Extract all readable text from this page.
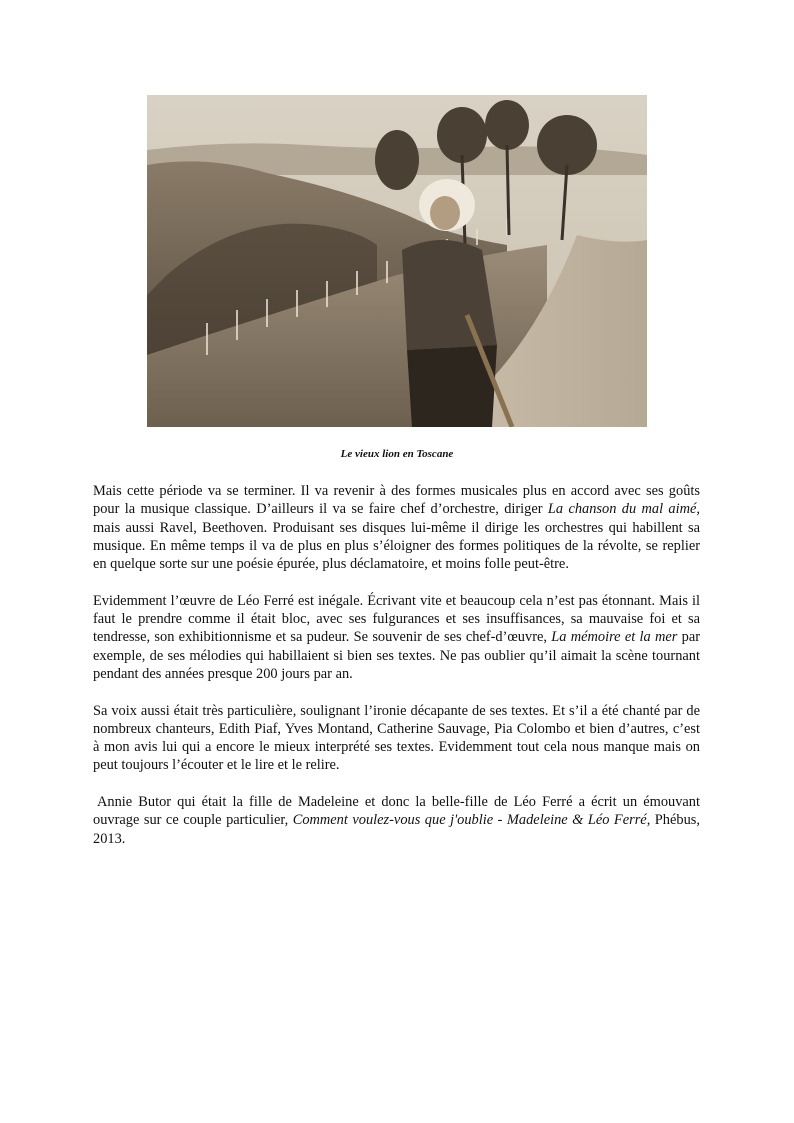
Le vieux lion en Toscane

Mais cette période va se terminer. Il va revenir à des formes musicales plus en accord avec ses goûts pour la musique classique. D’ailleurs il va se faire chef d’orchestre, diriger La chanson du mal aimé, mais aussi Ravel, Beethoven. Produisant ses disques lui-même il dirige les orchestres qui habillent sa musique. En même temps il va de plus en plus s’éloigner des formes politiques de la révolte, se replier en quelque sorte sur une poésie épurée, plus déclamatoire, et moins folle peut-être.

Evidemment l’œuvre de Léo Ferré est inégale. Écrivant vite et beaucoup cela n’est pas étonnant. Mais il faut le prendre comme il était bloc, avec ses fulgurances et ses insuffisances, sa mauvaise foi et sa tendresse, son exhibitionnisme et sa pudeur. Se souvenir de ses chef-d’œuvre, La mémoire et la mer par exemple, de ses mélodies qui habillaient si bien ses textes. Ne pas oublier qu’il aimait la scène tournant pendant des années presque 200 jours par an.

Sa voix aussi était très particulière, soulignant l’ironie décapante de ses textes. Et s’il a été chanté par de nombreux chanteurs, Edith Piaf, Yves Montand, Catherine Sauvage, Pia Colombo et bien d’autres, c’est à mon avis lui qui a encore le mieux interprété ses textes. Evidemment tout cela nous manque mais on peut toujours l’écouter et le lire et le relire.

Annie Butor qui était la fille de Madeleine et donc la belle-fille de Léo Ferré a écrit un émouvant ouvrage sur ce couple particulier, Comment voulez-vous que j'oublie - Madeleine & Léo Ferré, Phébus, 2013.
